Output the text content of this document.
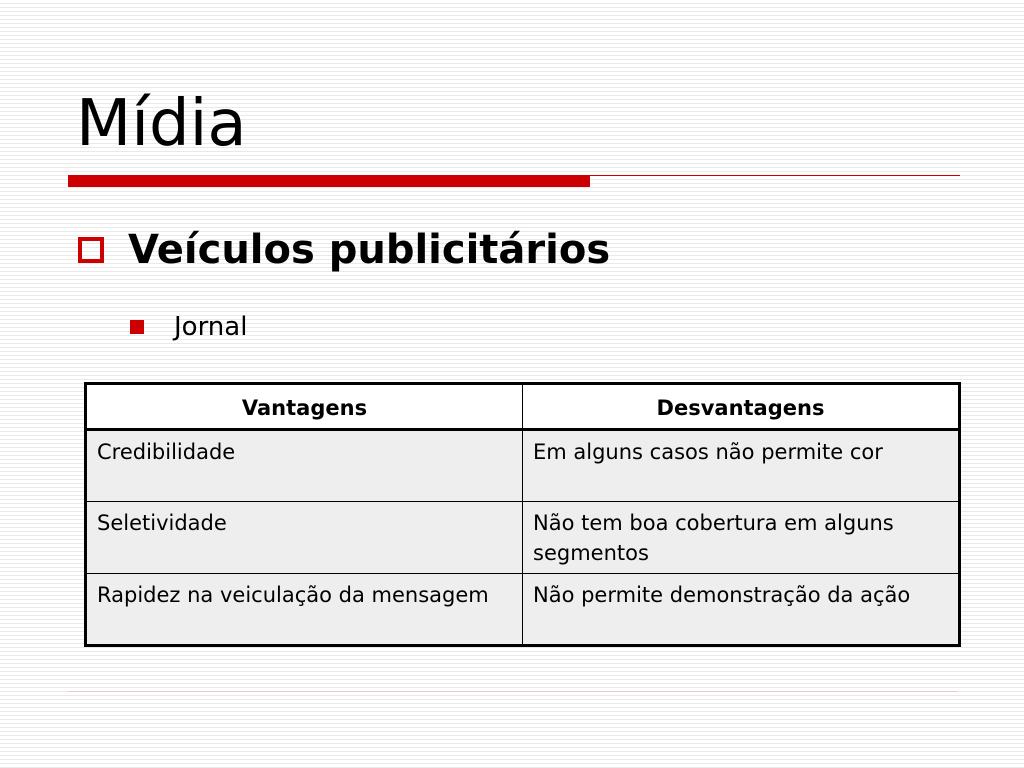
Mídia
Veículos publicitários
Jornal
Vantagens	Desvantagens
Credibilidade	Em alguns casos não permite cor
Seletividade	Não tem boa cobertura em alguns segmentos
Rapidez na veiculação da mensagem	Não permite demonstração da ação
